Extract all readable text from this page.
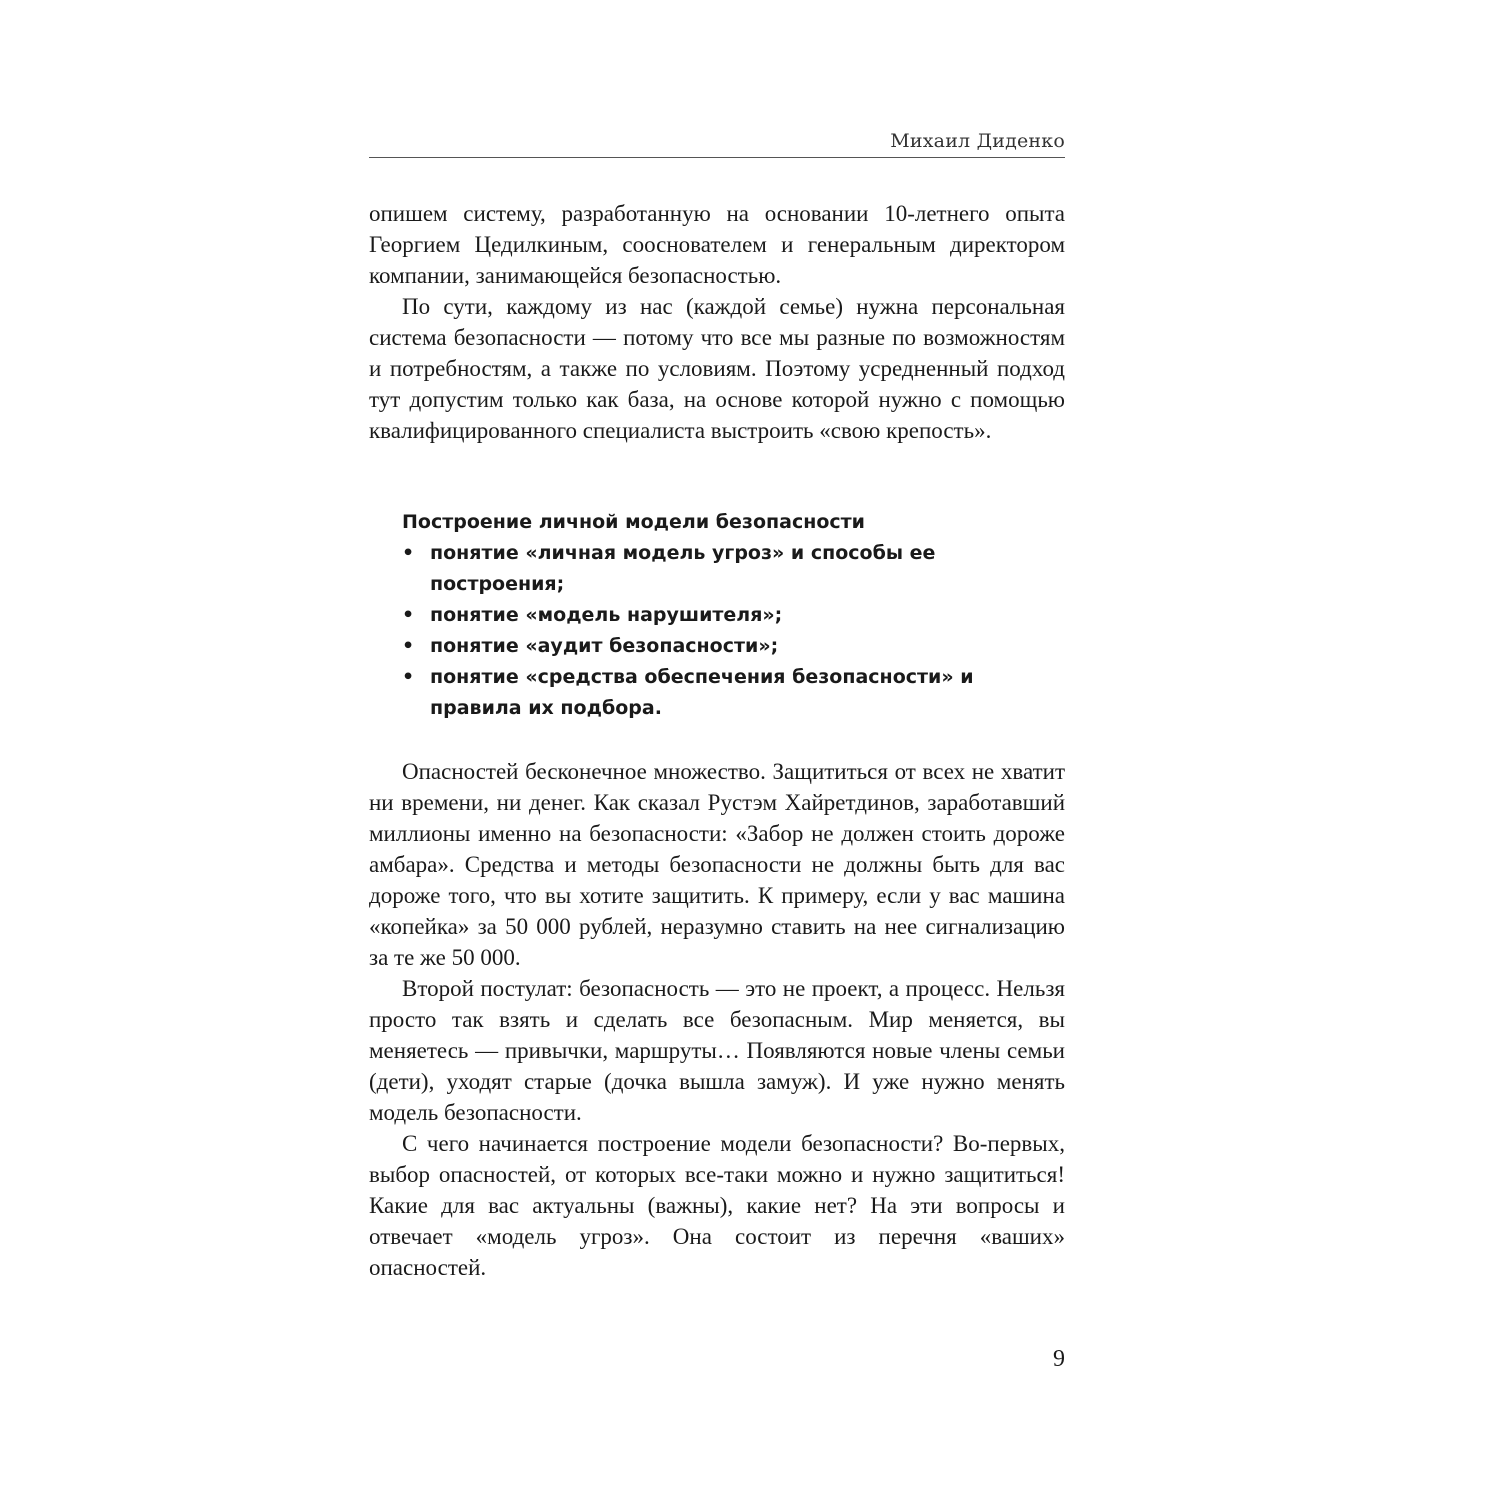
Михаил Диденко

опишем систему, разработанную на основании 10-летнего опыта Георгием Цедилкиным, сооснователем и генеральным директором компании, занимающейся безопасностью.

По сути, каждому из нас (каждой семье) нужна персональная система безопасности — потому что все мы разные по возможностям и потребностям, а также по условиям. Поэтому усредненный подход тут допустим только как база, на основе которой нужно с помощью квалифицированного специалиста выстроить «свою крепость».

Построение личной модели безопасности

• понятие «личная модель угроз» и способы ее построения;
• понятие «модель нарушителя»;
• понятие «аудит безопасности»;
• понятие «средства обеспечения безопасности» и правила их подбора.

Опасностей бесконечное множество. Защититься от всех не хватит ни времени, ни денег. Как сказал Рустэм Хайретдинов, заработавший миллионы именно на безопасности: «Забор не должен стоить дороже амбара». Средства и методы безопасности не должны быть для вас дороже того, что вы хотите защитить. К примеру, если у вас машина «копейка» за 50 000 рублей, неразумно ставить на нее сигнализацию за те же 50 000.

Второй постулат: безопасность — это не проект, а процесс. Нельзя просто так взять и сделать все безопасным. Мир меняется, вы меняетесь — привычки, маршруты… Появляются новые члены семьи (дети), уходят старые (дочка вышла замуж). И уже нужно менять модель безопасности.

С чего начинается построение модели безопасности? Во-первых, выбор опасностей, от которых все-таки можно и нужно защититься! Какие для вас актуальны (важны), какие нет? На эти вопросы и отвечает «модель угроз». Она состоит из перечня «ваших» опасностей.

9
